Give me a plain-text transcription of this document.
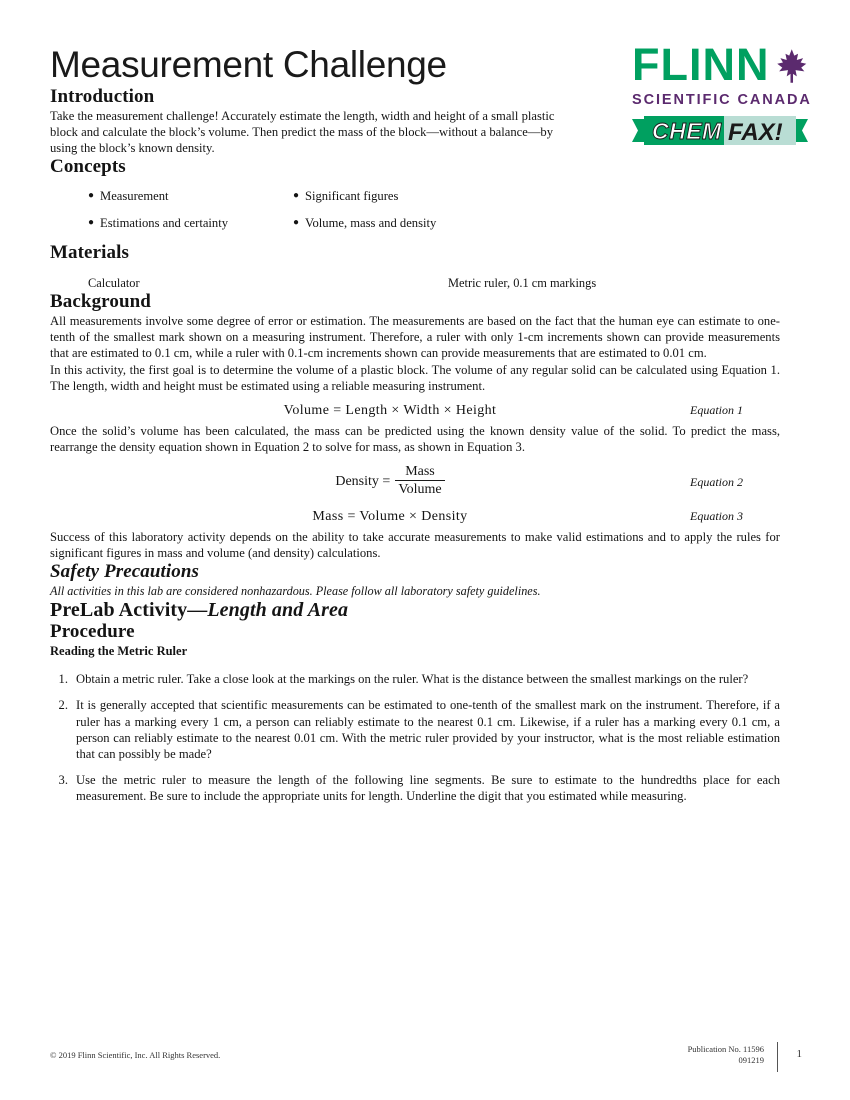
FLINN
SCIENTIFIC CANADA
CHEM FAX!
Measurement Challenge
Introduction

Take the measurement challenge! Accurately estimate the length, width and height of a small plastic block and calculate the block’s volume. Then predict the mass of the block—without a balance—by using the block’s known density.

Concepts
● Measurement	● Significant figures
● Estimations and certainty	● Volume, mass and density
Materials
Calculator	Metric ruler, 0.1 cm markings
Background

All measurements involve some degree of error or estimation. The measurements are based on the fact that the human eye can estimate to one-tenth of the smallest mark shown on a measuring instrument. Therefore, a ruler with only 1-cm increments shown can provide measurements that are estimated to 0.1 cm, while a ruler with 0.1-cm increments shown can provide measurements that are estimated to 0.01 cm.

In this activity, the first goal is to determine the volume of a plastic block. The volume of any regular solid can be calculated using Equation 1. The length, width and height must be estimated using a reliable measuring instrument.

Volume = Length × Width × Height	Equation 1

Once the solid’s volume has been calculated, the mass can be predicted using the known density value of the solid. To predict the mass, rearrange the density equation shown in Equation 2 to solve for mass, as shown in Equation 3.

Density = $\frac{\text{Mass}}{\text{Volume}}$	Equation 2
Mass = Volume × Density	Equation 3

Success of this laboratory activity depends on the ability to take accurate measurements to make valid estimations and to apply the rules for significant figures in mass and volume (and density) calculations.

Safety Precautions

All activities in this lab are considered nonhazardous. Please follow all laboratory safety guidelines.

PreLab Activity—Length and Area
Procedure
Reading the Metric Ruler
1. Obtain a metric ruler. Take a close look at the markings on the ruler. What is the distance between the smallest markings on the ruler?
2. It is generally accepted that scientific measurements can be estimated to one-tenth of the smallest mark on the instrument. Therefore, if a ruler has a marking every 1 cm, a person can reliably estimate to the nearest 0.1 cm. Likewise, if a ruler has a marking every 0.1 cm, a person can reliably estimate to the nearest 0.01 cm. With the metric ruler provided by your instructor, what is the most reliable estimation that can possibly be made?
3. Use the metric ruler to measure the length of the following line segments. Be sure to estimate to the hundredths place for each measurement. Be sure to include the appropriate units for length. Underline the digit that you estimated while measuring.
© 2019 Flinn Scientific, Inc. All Rights Reserved.
Publication No. 11596
091219	1
